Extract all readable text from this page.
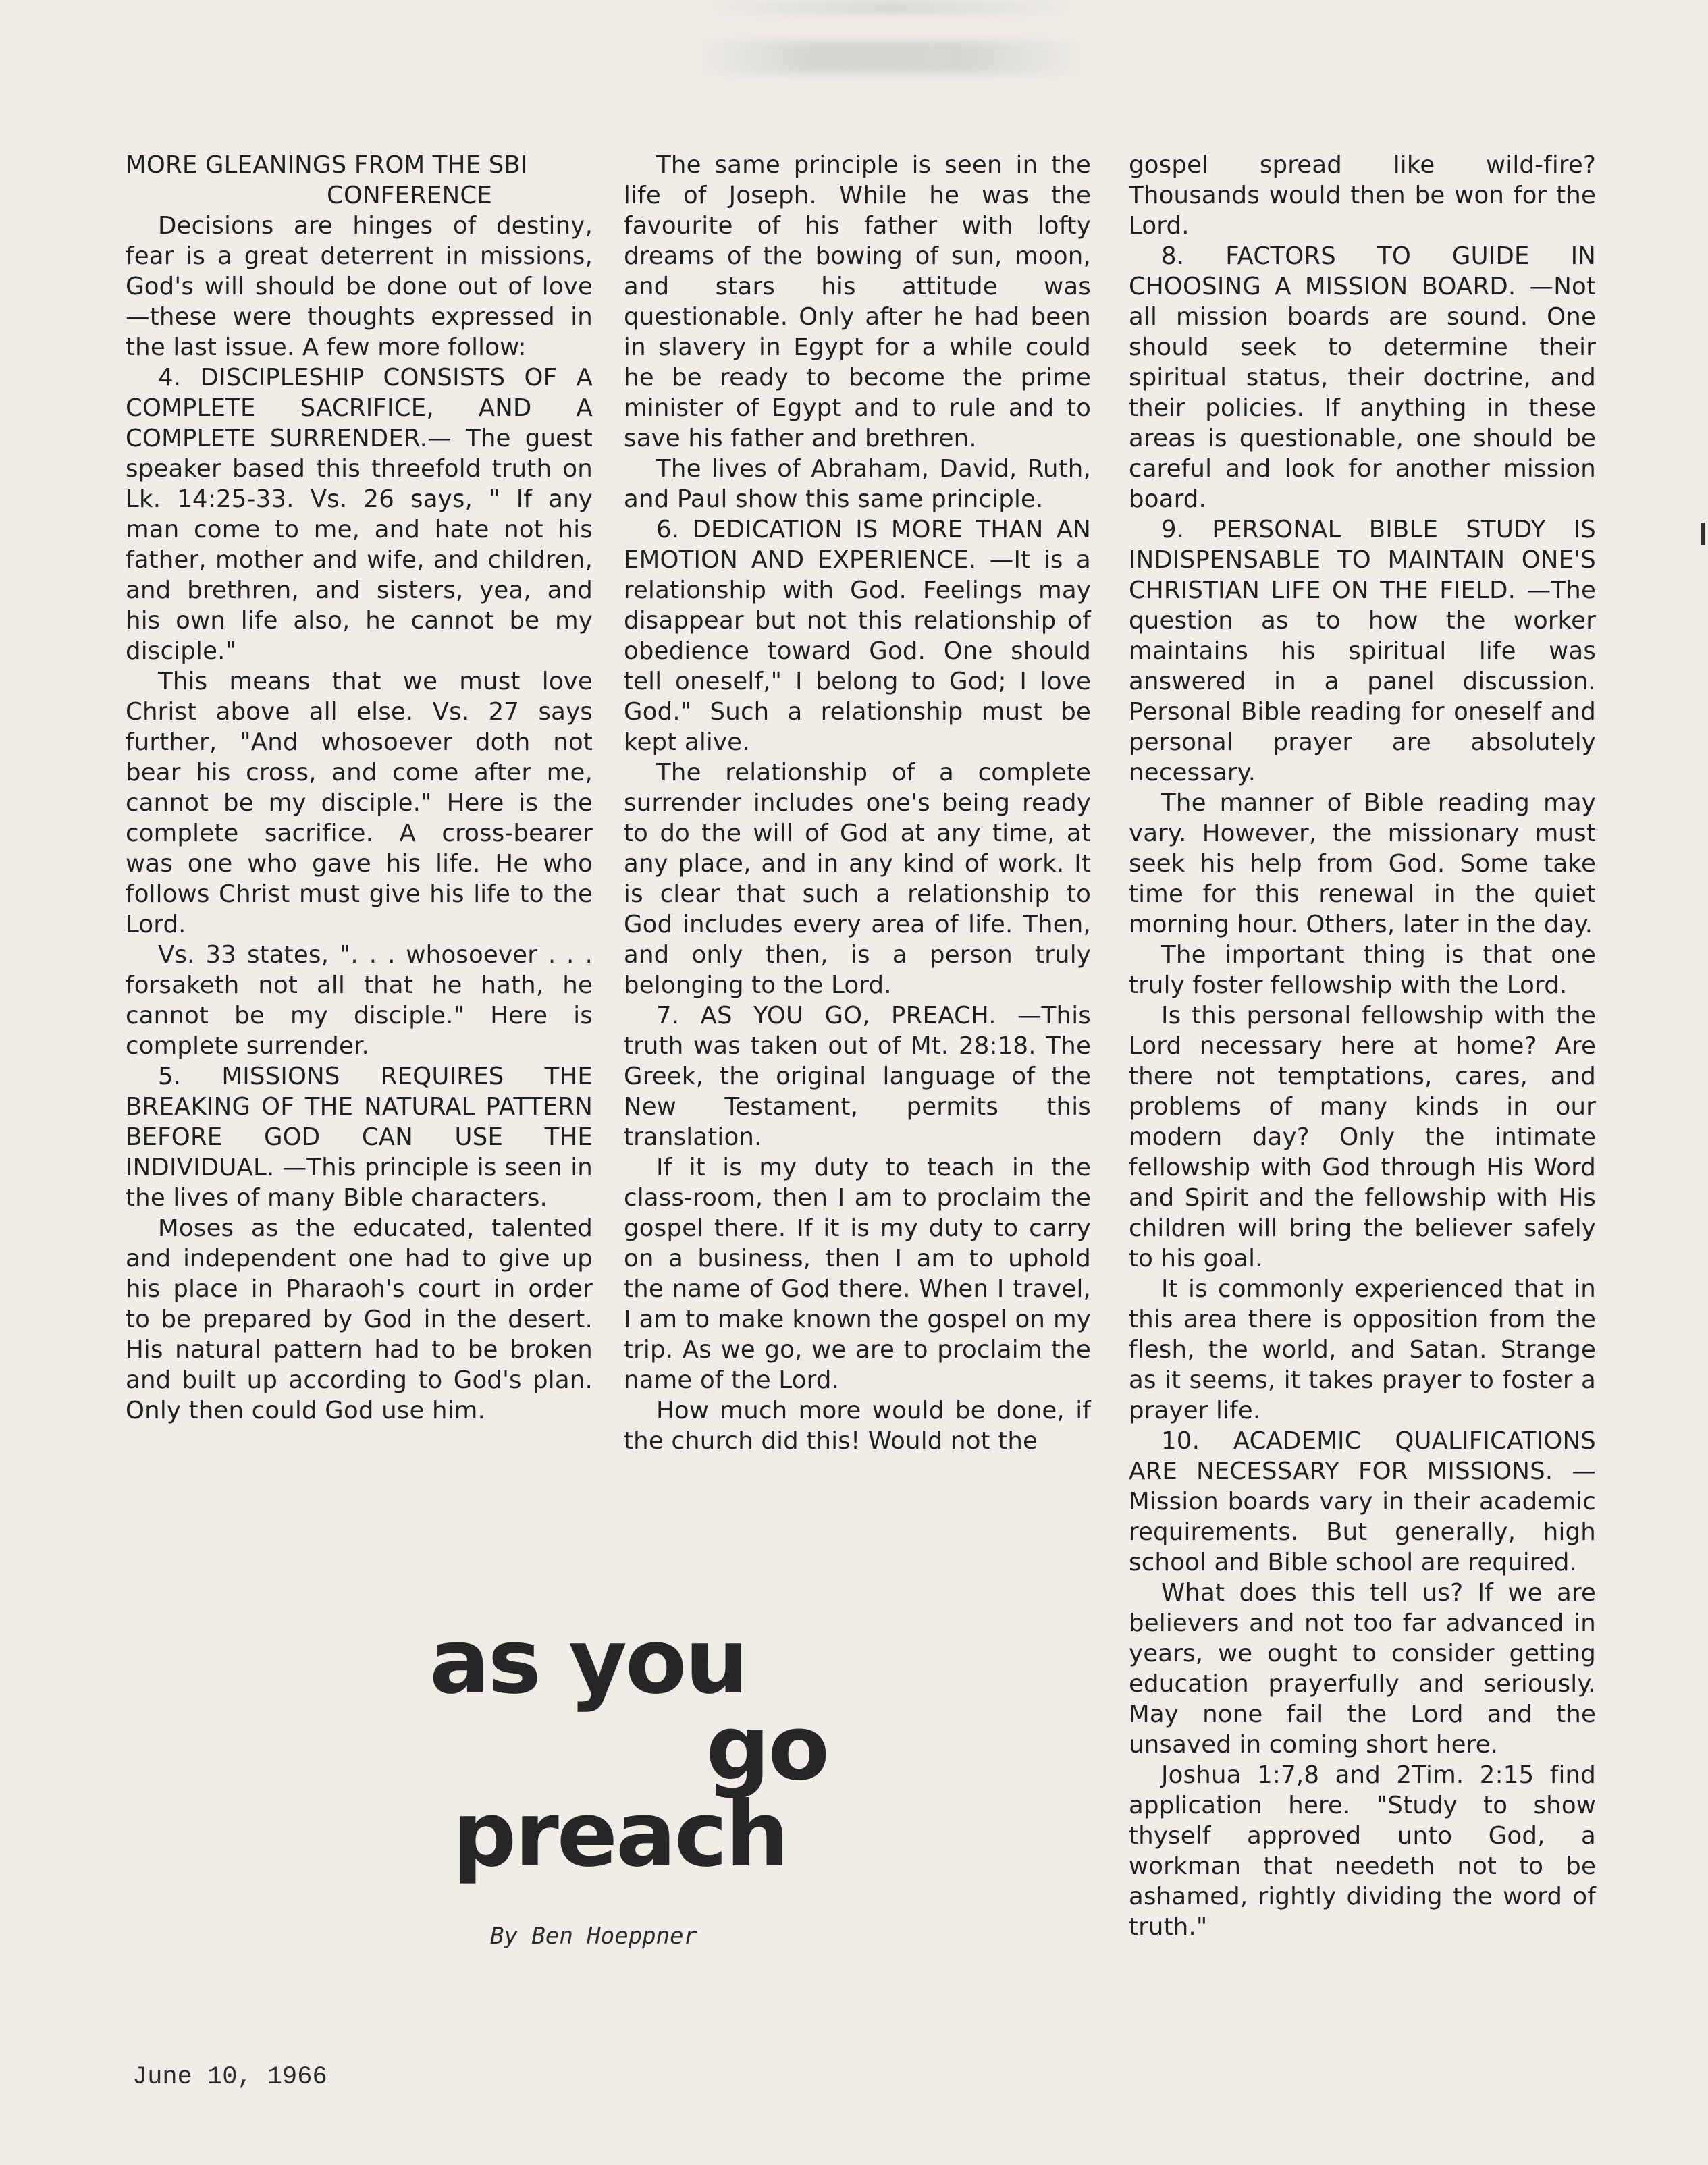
MORE GLEANINGS FROM THE SBI
CONFERENCE

Decisions are hinges of destiny, fear is a great deterrent in missions, God's will should be done out of love—these were thoughts expressed in the last issue. A few more follow:

4. DISCIPLESHIP CONSISTS OF A COMPLETE SACRIFICE, AND A COMPLETE SURRENDER.— The guest speaker based this threefold truth on Lk. 14:25-33. Vs. 26 says, " If any man come to me, and hate not his father, mother and wife, and children, and brethren, and sisters, yea, and his own life also, he cannot be my disciple."

This means that we must love Christ above all else. Vs. 27 says further, "And whosoever doth not bear his cross, and come after me, cannot be my disciple." Here is the complete sacrifice. A cross-bearer was one who gave his life. He who follows Christ must give his life to the Lord.

Vs. 33 states, ". . . whosoever . . . forsaketh not all that he hath, he cannot be my disciple." Here is complete surrender.

5. MISSIONS REQUIRES THE BREAKING OF THE NATURAL PATTERN BEFORE GOD CAN USE THE INDIVIDUAL. —This principle is seen in the lives of many Bible characters.

Moses as the educated, talented and independent one had to give up his place in Pharaoh's court in order to be prepared by God in the desert. His natural pattern had to be broken and built up according to God's plan. Only then could God use him.

The same principle is seen in the life of Joseph. While he was the favourite of his father with lofty dreams of the bowing of sun, moon, and stars his attitude was questionable. Only after he had been in slavery in Egypt for a while could he be ready to become the prime minister of Egypt and to rule and to save his father and brethren.

The lives of Abraham, David, Ruth, and Paul show this same principle.

6. DEDICATION IS MORE THAN AN EMOTION AND EXPERIENCE. —It is a relationship with God. Feelings may disappear but not this relationship of obedience toward God. One should tell oneself," I belong to God; I love God." Such a relationship must be kept alive.

The relationship of a complete surrender includes one's being ready to do the will of God at any time, at any place, and in any kind of work. It is clear that such a relationship to God includes every area of life. Then, and only then, is a person truly belonging to the Lord.

7. AS YOU GO, PREACH. —This truth was taken out of Mt. 28:18. The Greek, the original language of the New Testament, permits this translation.

If it is my duty to teach in the class-room, then I am to proclaim the gospel there. If it is my duty to carry on a business, then I am to uphold the name of God there. When I travel, I am to make known the gospel on my trip. As we go, we are to proclaim the name of the Lord.

How much more would be done, if the church did this! Would not the

gospel spread like wild-fire? Thousands would then be won for the Lord.

8. FACTORS TO GUIDE IN CHOOSING A MISSION BOARD. —Not all mission boards are sound. One should seek to determine their spiritual status, their doctrine, and their policies. If anything in these areas is questionable, one should be careful and look for another mission board.

9. PERSONAL BIBLE STUDY IS INDISPENSABLE TO MAINTAIN ONE'S CHRISTIAN LIFE ON THE FIELD. —The question as to how the worker maintains his spiritual life was answered in a panel discussion. Personal Bible reading for oneself and personal prayer are absolutely necessary.

The manner of Bible reading may vary. However, the missionary must seek his help from God. Some take time for this renewal in the quiet morning hour. Others, later in the day.

The important thing is that one truly foster fellowship with the Lord.

Is this personal fellowship with the Lord necessary here at home? Are there not temptations, cares, and problems of many kinds in our modern day? Only the intimate fellowship with God through His Word and Spirit and the fellowship with His children will bring the believer safely to his goal.

It is commonly experienced that in this area there is opposition from the flesh, the world, and Satan. Strange as it seems, it takes prayer to foster a prayer life.

10. ACADEMIC QUALIFICATIONS ARE NECESSARY FOR MISSIONS. —Mission boards vary in their academic requirements. But generally, high school and Bible school are required.

What does this tell us? If we are believers and not too far advanced in years, we ought to consider getting education prayerfully and seriously. May none fail the Lord and the unsaved in coming short here.

Joshua 1:7,8 and 2Tim. 2:15 find application here. "Study to show thyself approved unto God, a workman that needeth not to be ashamed, rightly dividing the word of truth."

as you
go
preach
By Ben Hoeppner
June 10, 1966
